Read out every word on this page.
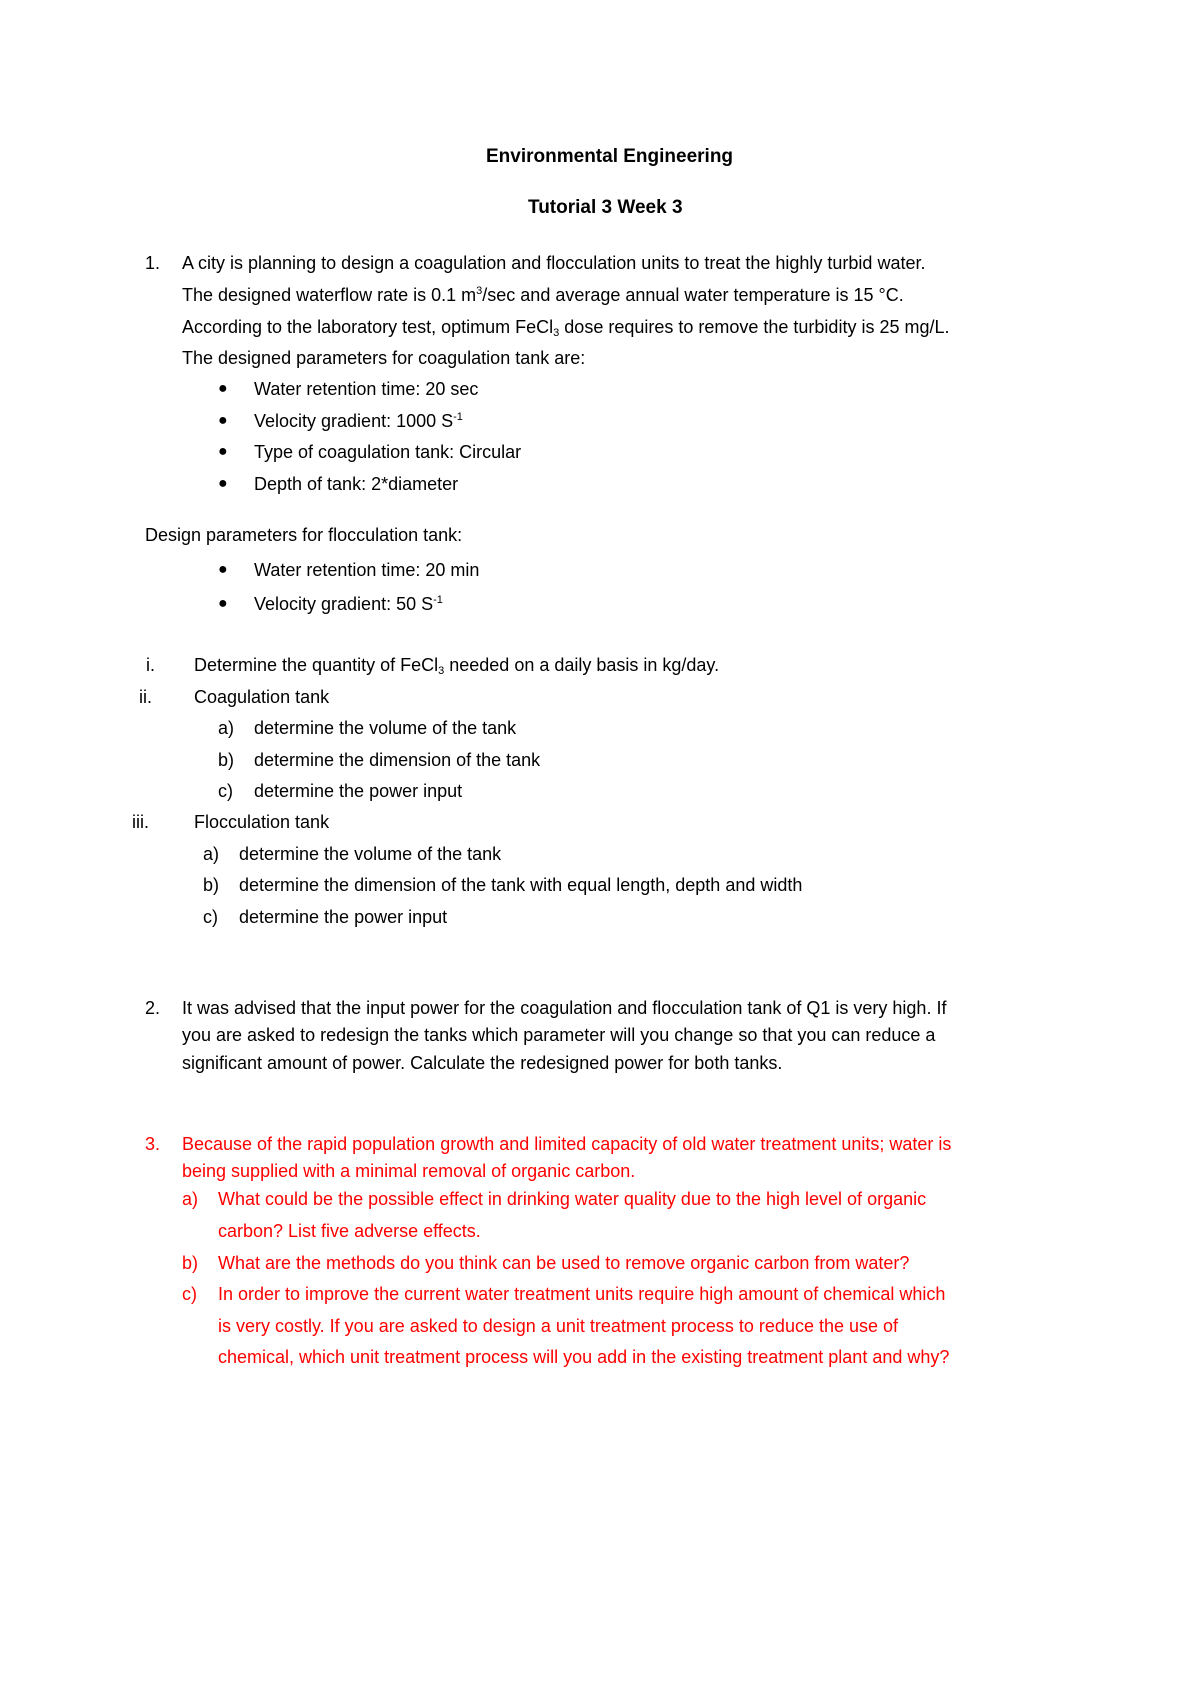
Environmental Engineering
Tutorial 3 Week 3
1. A city is planning to design a coagulation and flocculation units to treat the highly turbid water.
The designed waterflow rate is 0.1 $m^3/\sec$ and average annual water temperature is 15 °C.
According to the laboratory test, optimum FeCl$_3$ dose requires to remove the turbidity is 25 mg/L.
The designed parameters for coagulation tank are:
● Water retention time: 20 sec
● Velocity gradient: 1000 $S^{-1}$
● Type of coagulation tank: Circular
● Depth of tank: 2*diameter
Design parameters for flocculation tank:
● Water retention time: 20 min
● Velocity gradient: 50 $S^{-1}$
i. Determine the quantity of FeCl$_3$ needed on a daily basis in kg/day.
ii. Coagulation tank
a) determine the volume of the tank
b) determine the dimension of the tank
c) determine the power input
iii.	Flocculation tank
a) determine the volume of the tank
b) determine the dimension of the tank with equal length, depth and width
c) determine the power input
2. It was advised that the input power for the coagulation and flocculation tank of Q1 is very high. If
you are asked to redesign the tanks which parameter will you change so that you can reduce a
significant amount of power. Calculate the redesigned power for both tanks.
3. Because of the rapid population growth and limited capacity of old water treatment units; water is
being supplied with a minimal removal of organic carbon.
a) What could be the possible effect in drinking water quality due to the high level of organic
carbon? List five adverse effects.
b) What are the methods do you think can be used to remove organic carbon from water?
c) In order to improve the current water treatment units require high amount of chemical which
is very costly. If you are asked to design a unit treatment process to reduce the use of
chemical, which unit treatment process will you add in the existing treatment plant and why?
